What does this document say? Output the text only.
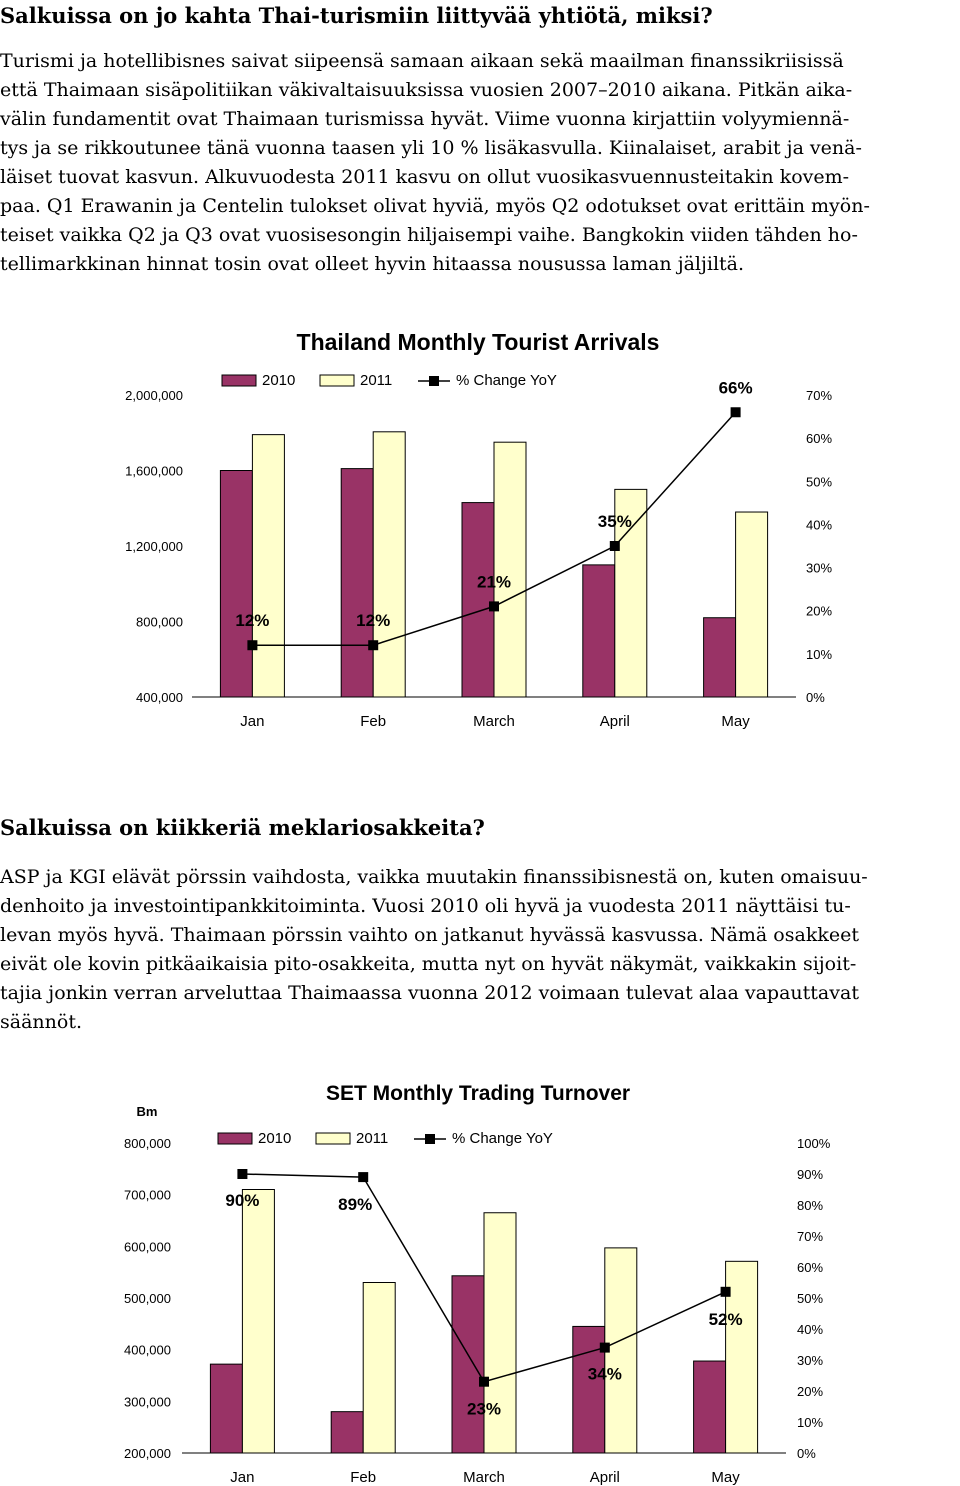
Salkuissa on jo kahta Thai-turismiin liittyvää yhtiötä, miksi?
Turismi ja hotellibisnes saivat siipeensä samaan aikaan sekä maailman finanssikriisissä
että Thaimaan sisäpolitiikan väkivaltaisuuksissa vuosien 2007–2010 aikana. Pitkän aika-
välin fundamentit ovat Thaimaan turismissa hyvät. Viime vuonna kirjattiin volyymiennä-
tys ja se rikkoutunee tänä vuonna taasen yli 10 % lisäkasvulla. Kiinalaiset, arabit ja venä-
läiset tuovat kasvun. Alkuvuodesta 2011 kasvu on ollut vuosikasvuennusteitakin kovem-
paa. Q1 Erawanin ja Centelin tulokset olivat hyviä, myös Q2 odotukset ovat erittäin myön-
teiset vaikka Q2 ja Q3 ovat vuosisesongin hiljaisempi vaihe. Bangkokin viiden tähden ho-
tellimarkkinan hinnat tosin ovat olleet hyvin hitaassa nousussa laman jäljiltä.
Thailand Monthly Tourist Arrivals
2,000,000
1,600,000
1,200,000
800,000
400,000
70%
60%
50%
40%
30%
20%
10%
0%
Jan	Feb	March	April	May
12%	12%
21%
35%
66%
2010	2011	% Change YoY
Salkuissa on kiikkeriä meklariosakkeita?
ASP ja KGI elävät pörssin vaihdosta, vaikka muutakin finanssibisnestä on, kuten omaisuu-
denhoito ja investointipankkitoiminta. Vuosi 2010 oli hyvä ja vuodesta 2011 näyttäisi tu-
levan myös hyvä. Thaimaan pörssin vaihto on jatkanut hyvässä kasvussa. Nämä osakkeet
eivät ole kovin pitkäaikaisia pito-osakkeita, mutta nyt on hyvät näkymät, vaikkakin sijoit-
tajia jonkin verran arveluttaa Thaimaassa vuonna 2012 voimaan tulevat alaa vapauttavat
säännöt.
SET Monthly Trading Turnover
Bm
800,000
700,000
600,000
500,000
400,000
300,000
200,000
100%
90%
80%
70%
60%
50%
40%
30%
20%
10%
0%
Jan	Feb	March	April	May
90%	89%
23%
34%
52%
2010	2011	% Change YoY
